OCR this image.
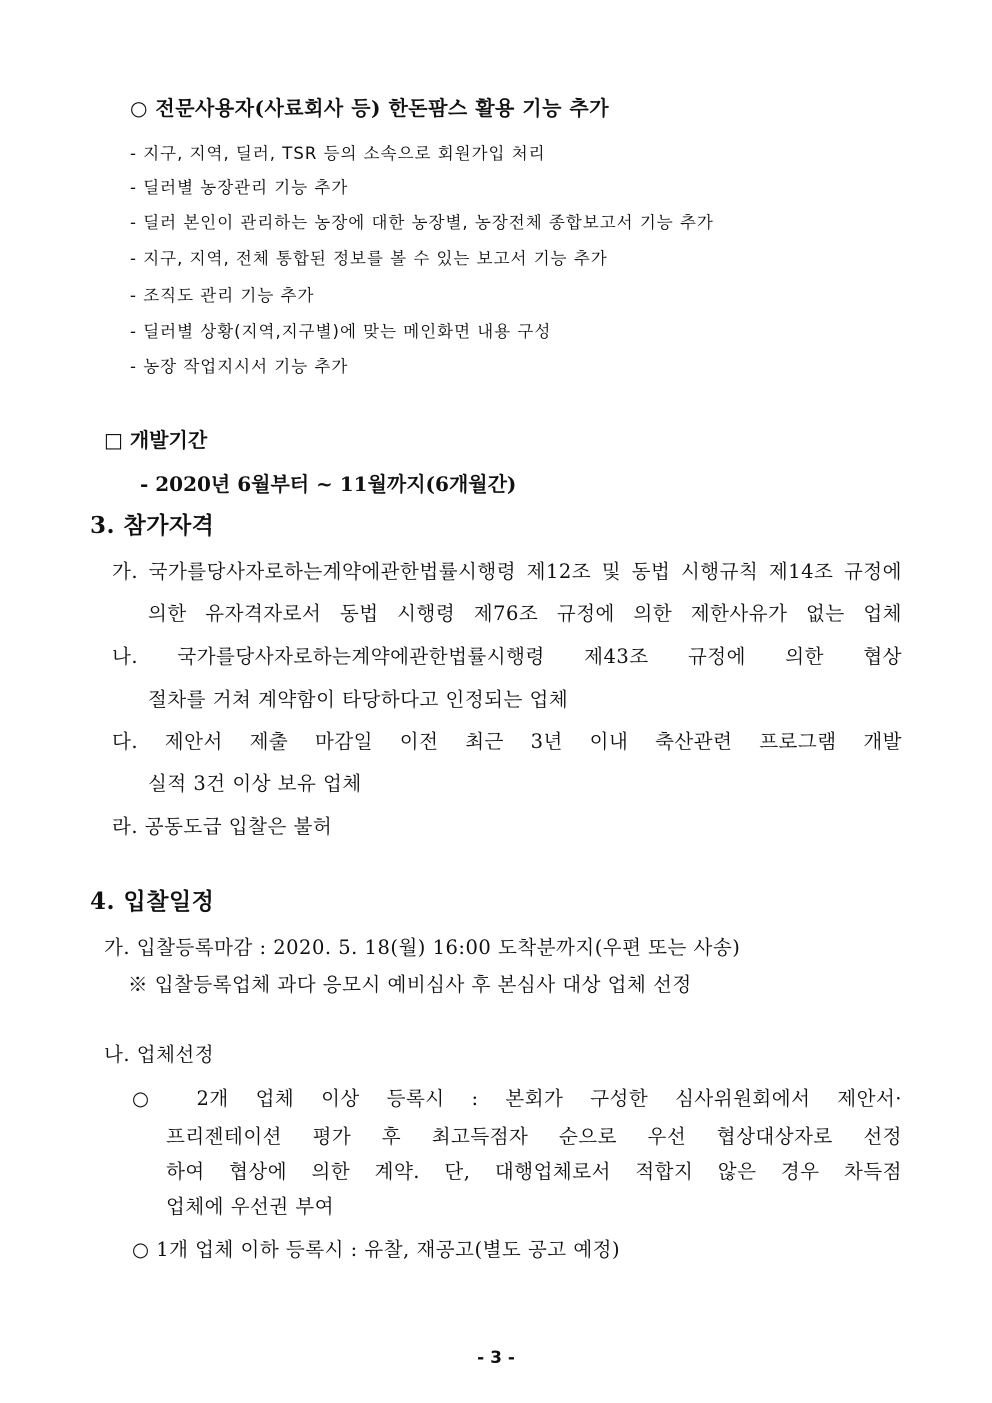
○ 전문사용자(사료회사 등) 한돈팜스 활용 기능 추가
- 지구, 지역, 딜러, TSR 등의 소속으로 회원가입 처리
- 딜러별 농장관리 기능 추가
- 딜러 본인이 관리하는 농장에 대한 농장별, 농장전체 종합보고서 기능 추가
- 지구, 지역, 전체 통합된 정보를 볼 수 있는 보고서 기능 추가
- 조직도 관리 기능 추가
- 딜러별 상황(지역,지구별)에 맞는 메인화면 내용 구성
- 농장 작업지시서 기능 추가
□ 개발기간
- 2020년 6월부터 ~ 11월까지(6개월간)
3. 참가자격
가. 국가를당사자로하는계약에관한법률시행령 제12조 및 동법 시행규칙 제14조 규정에
의한 유자격자로서 동법 시행령 제76조 규정에 의한 제한사유가 없는 업체
나. 국가를당사자로하는계약에관한법률시행령 제43조 규정에 의한 협상
절차를 거쳐 계약함이 타당하다고 인정되는 업체
다. 제안서 제출 마감일 이전 최근 3년 이내 축산관련 프로그램 개발
실적 3건 이상 보유 업체
라. 공동도급 입찰은 불허
4. 입찰일정
가. 입찰등록마감 : 2020. 5. 18(월) 16:00 도착분까지(우편 또는 사송)
※ 입찰등록업체 과다 응모시 예비심사 후 본심사 대상 업체 선정
나. 업체선정
○ 2개 업체 이상 등록시 : 본회가 구성한 심사위원회에서 제안서·
프리젠테이션 평가 후 최고득점자 순으로 우선 협상대상자로 선정
하여 협상에 의한 계약. 단, 대행업체로서 적합지 않은 경우 차득점
업체에 우선권 부여
○ 1개 업체 이하 등록시 : 유찰, 재공고(별도 공고 예정)
- 3 -
